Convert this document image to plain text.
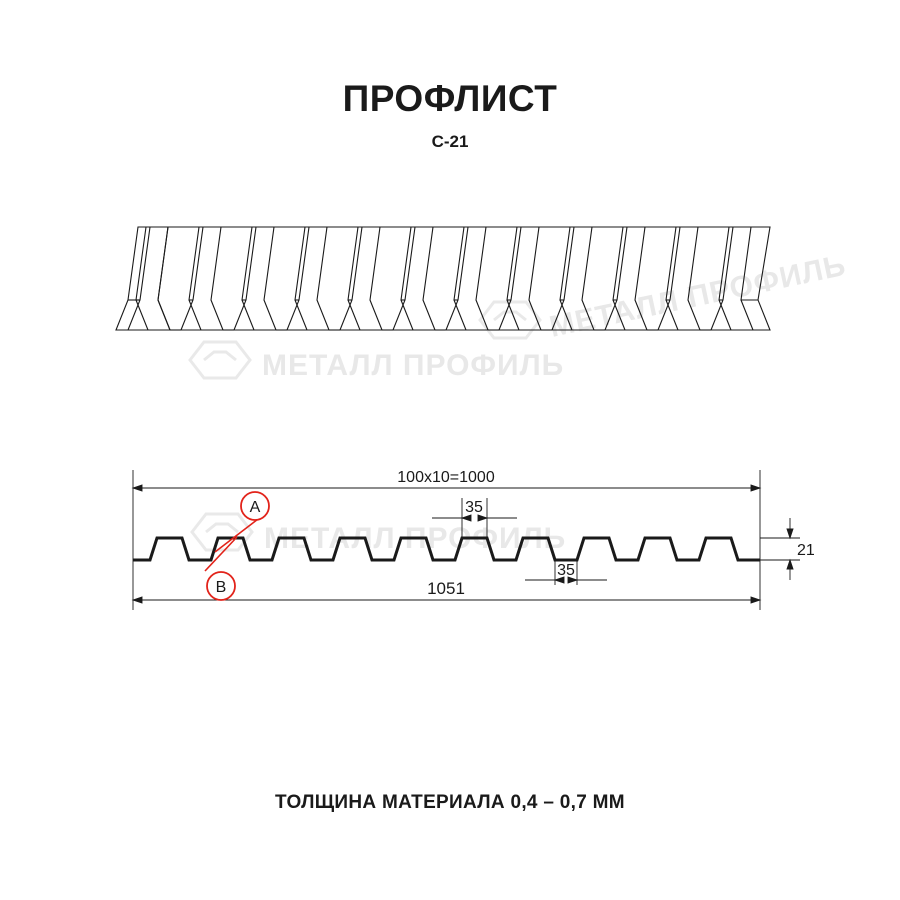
МЕТАЛЛ ПРОФИЛЬ
МЕТАЛЛ ПРОФИЛЬ
МЕТАЛЛ ПРОФИЛЬ
ПРОФЛИСТ
С-21
A
B
100х10=1000
35
35
1051
21
ТОЛЩИНА МАТЕРИАЛА 0,4 – 0,7 ММ
